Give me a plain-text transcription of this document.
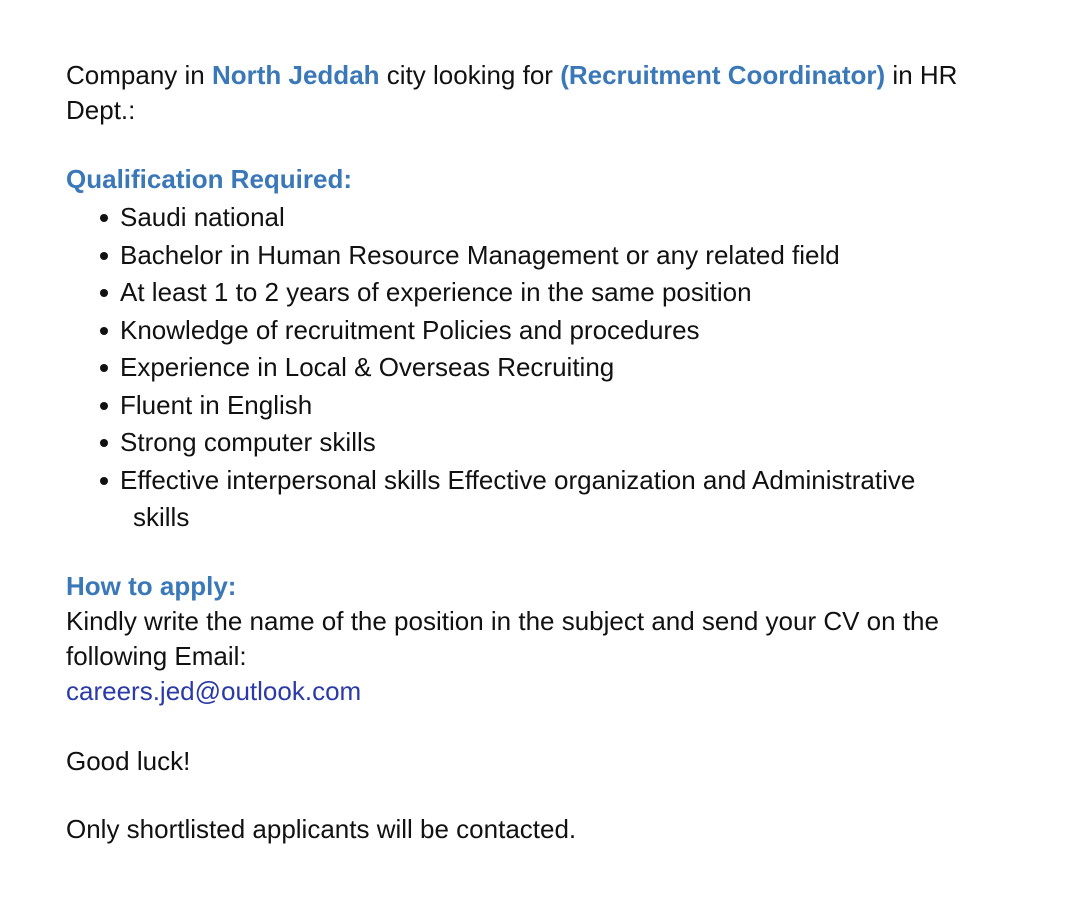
Company in North Jeddah city looking for (Recruitment Coordinator) in HR Dept.:

Qualification Required:
Saudi national
Bachelor in Human Resource Management or any related field
At least 1 to 2 years of experience in the same position
Knowledge of recruitment Policies and procedures
Experience in Local & Overseas Recruiting
Fluent in English
Strong computer skills
Effective interpersonal skills Effective organization and Administrative
skills
How to apply:

Kindly write the name of the position in the subject and send your CV on the following Email:

careers.jed@outlook.com

Good luck!

Only shortlisted applicants will be contacted.
